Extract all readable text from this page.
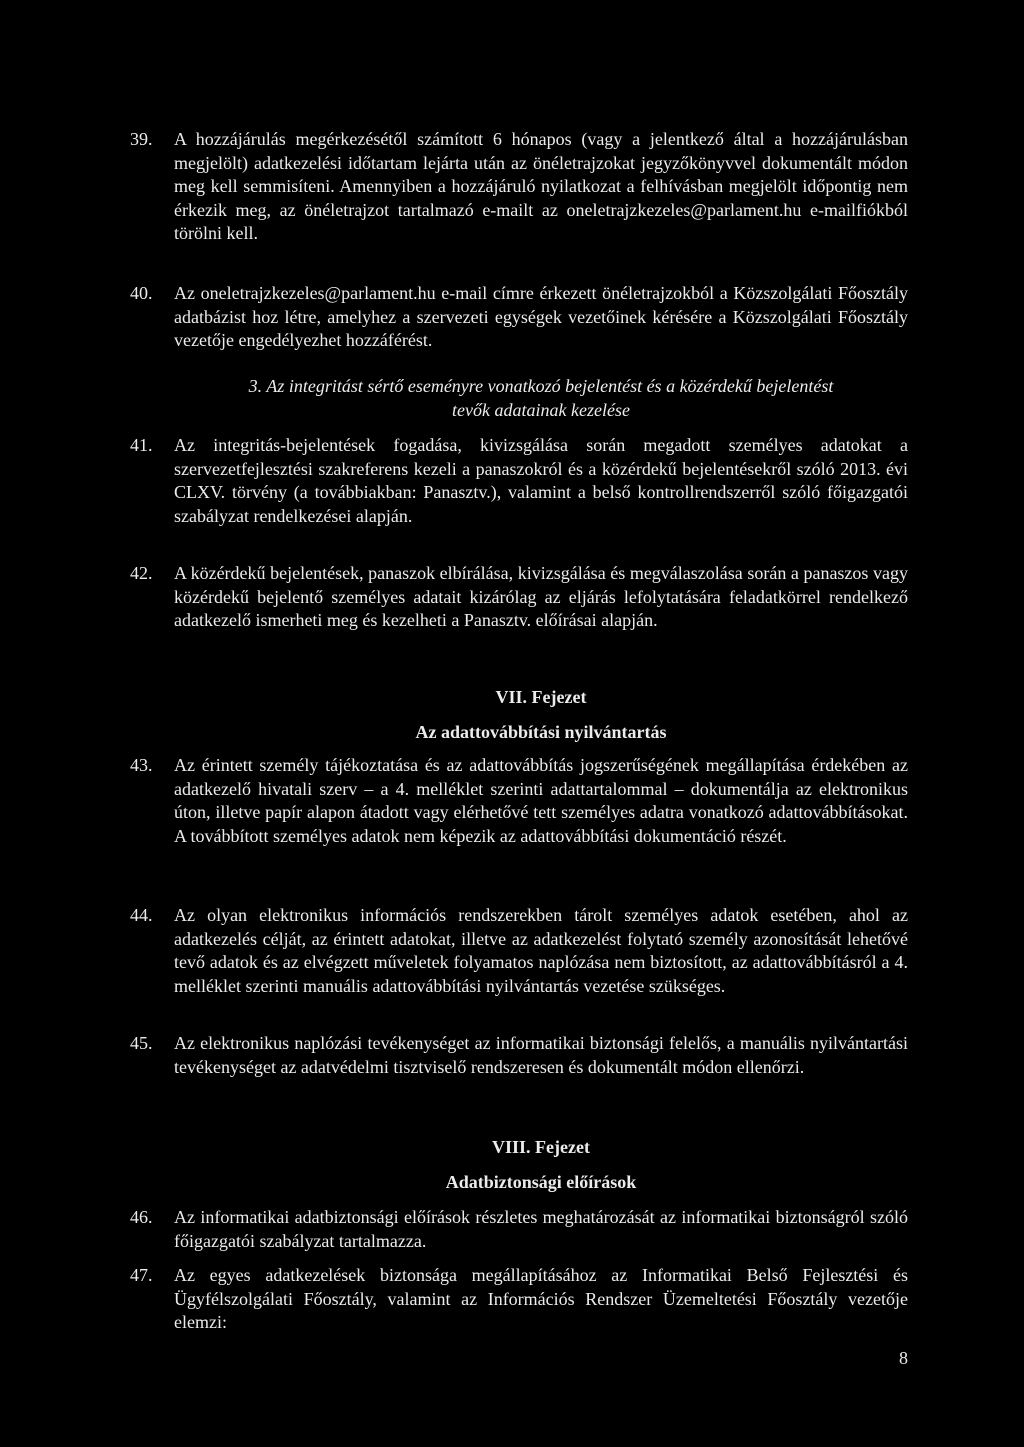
39.	A hozzájárulás megérkezésétől számított 6 hónapos (vagy a jelentkező által a hozzájárulásban megjelölt) adatkezelési időtartam lejárta után az önéletrajzokat jegyzőkönyvvel dokumentált módon meg kell semmisíteni. Amennyiben a hozzájáruló nyilatkozat a felhívásban megjelölt időpontig nem érkezik meg, az önéletrajzot tartalmazó e-mailt az oneletrajzkezeles@parlament.hu e-mailfiókból törölni kell.
40.	Az oneletrajzkezeles@parlament.hu e-mail címre érkezett önéletrajzokból a Közszolgálati Főosztály adatbázist hoz létre, amelyhez a szervezeti egységek vezetőinek kérésére a Közszolgálati Főosztály vezetője engedélyezhet hozzáférést.
3. Az integritást sértő eseményre vonatkozó bejelentést és a közérdekű bejelentést
tevők adatainak kezelése
41.	Az integritás-bejelentések fogadása, kivizsgálása során megadott személyes adatokat a szervezetfejlesztési szakreferens kezeli a panaszokról és a közérdekű bejelentésekről szóló 2013. évi CLXV. törvény (a továbbiakban: Panasztv.), valamint a belső kontrollrendszerről szóló főigazgatói szabályzat rendelkezései alapján.
42.	A közérdekű bejelentések, panaszok elbírálása, kivizsgálása és megválaszolása során a panaszos vagy közérdekű bejelentő személyes adatait kizárólag az eljárás lefolytatására feladatkörrel rendelkező adatkezelő ismerheti meg és kezelheti a Panasztv. előírásai alapján.
VII. Fejezet
Az adattovábbítási nyilvántartás
43.	Az érintett személy tájékoztatása és az adattovábbítás jogszerűségének megállapítása érdekében az adatkezelő hivatali szerv – a 4. melléklet szerinti adattartalommal – dokumentálja az elektronikus úton, illetve papír alapon átadott vagy elérhetővé tett személyes adatra vonatkozó adattovábbításokat. A továbbított személyes adatok nem képezik az adattovábbítási dokumentáció részét.
44.	Az olyan elektronikus információs rendszerekben tárolt személyes adatok esetében, ahol az adatkezelés célját, az érintett adatokat, illetve az adatkezelést folytató személy azonosítását lehetővé tevő adatok és az elvégzett műveletek folyamatos naplózása nem biztosított, az adattovábbításról a 4. melléklet szerinti manuális adattovábbítási nyilvántartás vezetése szükséges.
45.	Az elektronikus naplózási tevékenységet az informatikai biztonsági felelős, a manuális nyilvántartási tevékenységet az adatvédelmi tisztviselő rendszeresen és dokumentált módon ellenőrzi.
VIII. Fejezet
Adatbiztonsági előírások
46.	Az informatikai adatbiztonsági előírások részletes meghatározását az informatikai biztonságról szóló főigazgatói szabályzat tartalmazza.
47.	Az egyes adatkezelések biztonsága megállapításához az Informatikai Belső Fejlesztési és Ügyfélszolgálati Főosztály, valamint az Információs Rendszer Üzemeltetési Főosztály vezetője elemzi:
8
